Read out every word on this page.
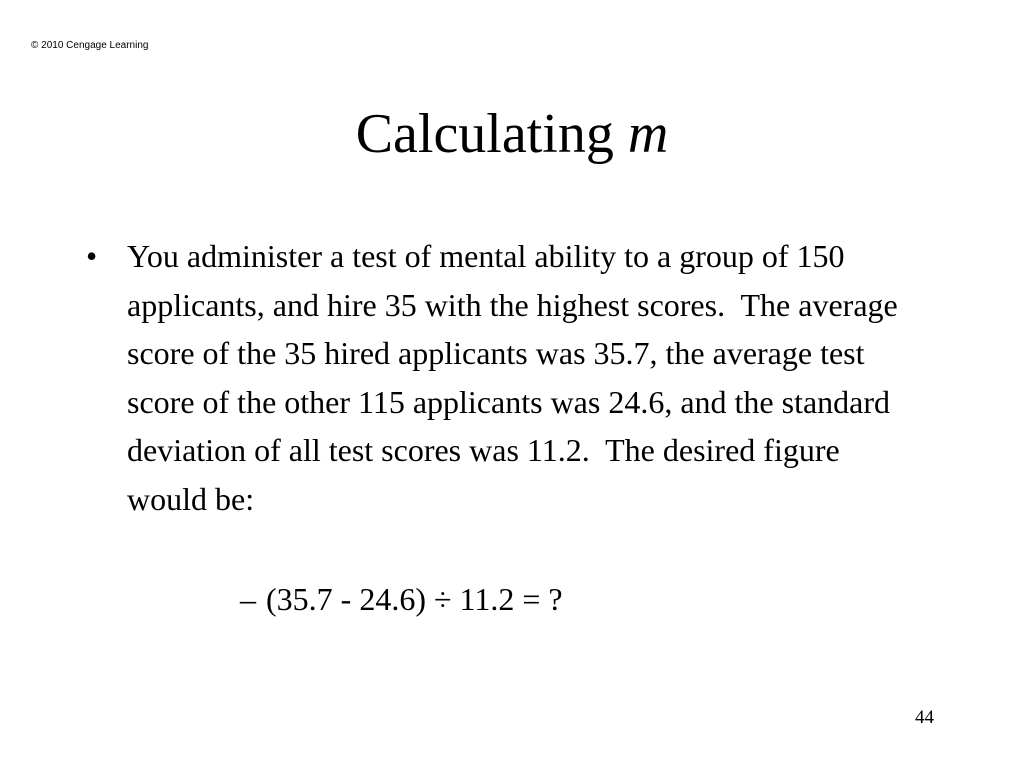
© 2010 Cengage Learning
Calculating m
• You administer a test of mental ability to a group of 150 applicants, and hire 35 with the highest scores.  The average score of the 35 hired applicants was 35.7, the average test score of the other 115 applicants was 24.6, and the standard deviation of all test scores was 11.2.  The desired figure would be:
– (35.7 - 24.6) ÷ 11.2 = ?
44
